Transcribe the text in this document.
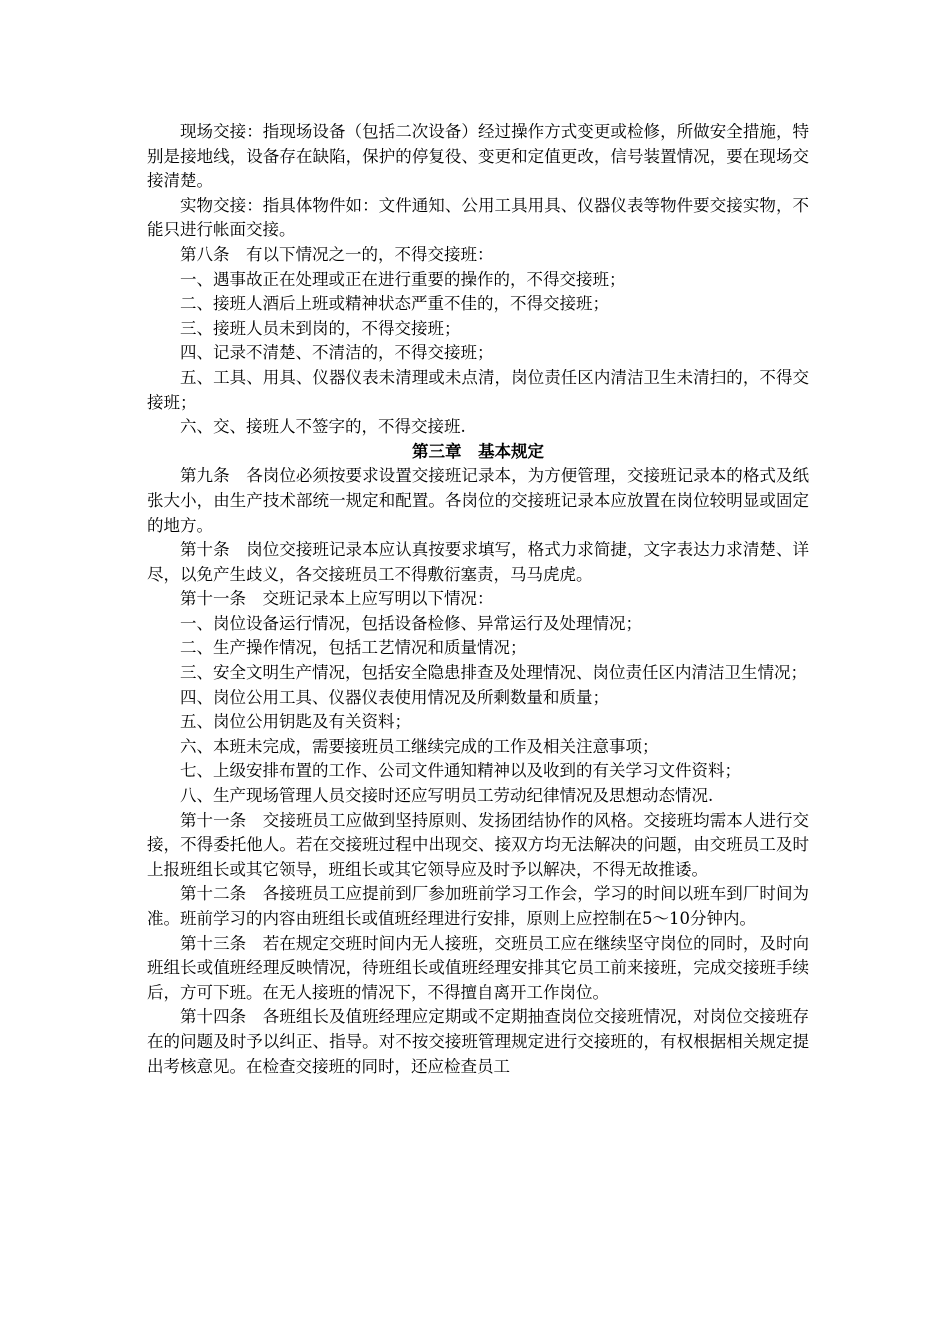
现场交接：指现场设备（包括二次设备）经过操作方式变更或检修，所做安全措施，特别是接地线，设备存在缺陷，保护的停复役、变更和定值更改，信号装置情况，要在现场交接清楚。

实物交接：指具体物件如：文件通知、公用工具用具、仪器仪表等物件要交接实物，不能只进行帐面交接。

第八条　有以下情况之一的，不得交接班：

一、遇事故正在处理或正在进行重要的操作的，不得交接班；

二、接班人酒后上班或精神状态严重不佳的，不得交接班；

三、接班人员未到岗的，不得交接班；

四、记录不清楚、不清洁的，不得交接班；

五、工具、用具、仪器仪表未清理或未点清，岗位责任区内清洁卫生未清扫的，不得交接班；

六、交、接班人不签字的，不得交接班.

第三章　基本规定

第九条　各岗位必须按要求设置交接班记录本，为方便管理，交接班记录本的格式及纸张大小，由生产技术部统一规定和配置。各岗位的交接班记录本应放置在岗位较明显或固定的地方。

第十条　岗位交接班记录本应认真按要求填写，格式力求简捷，文字表达力求清楚、详尽，以免产生歧义，各交接班员工不得敷衍塞责，马马虎虎。

第十一条　交班记录本上应写明以下情况：

一、岗位设备运行情况，包括设备检修、异常运行及处理情况；

二、生产操作情况，包括工艺情况和质量情况；

三、安全文明生产情况，包括安全隐患排查及处理情况、岗位责任区内清洁卫生情况；

四、岗位公用工具、仪器仪表使用情况及所剩数量和质量；

五、岗位公用钥匙及有关资料；

六、本班未完成，需要接班员工继续完成的工作及相关注意事项；

七、上级安排布置的工作、公司文件通知精神以及收到的有关学习文件资料；

八、生产现场管理人员交接时还应写明员工劳动纪律情况及思想动态情况.

第十一条　交接班员工应做到坚持原则、发扬团结协作的风格。交接班均需本人进行交接，不得委托他人。若在交接班过程中出现交、接双方均无法解决的问题，由交班员工及时上报班组长或其它领导，班组长或其它领导应及时予以解决，不得无故推诿。

第十二条　各接班员工应提前到厂参加班前学习工作会，学习的时间以班车到厂时间为准。班前学习的内容由班组长或值班经理进行安排，原则上应控制在5～10分钟内。

第十三条　若在规定交班时间内无人接班，交班员工应在继续坚守岗位的同时，及时向班组长或值班经理反映情况，待班组长或值班经理安排其它员工前来接班，完成交接班手续后，方可下班。在无人接班的情况下，不得擅自离开工作岗位。

第十四条　各班组长及值班经理应定期或不定期抽查岗位交接班情况，对岗位交接班存在的问题及时予以纠正、指导。对不按交接班管理规定进行交接班的，有权根据相关规定提出考核意见。在检查交接班的同时，还应检查员工
